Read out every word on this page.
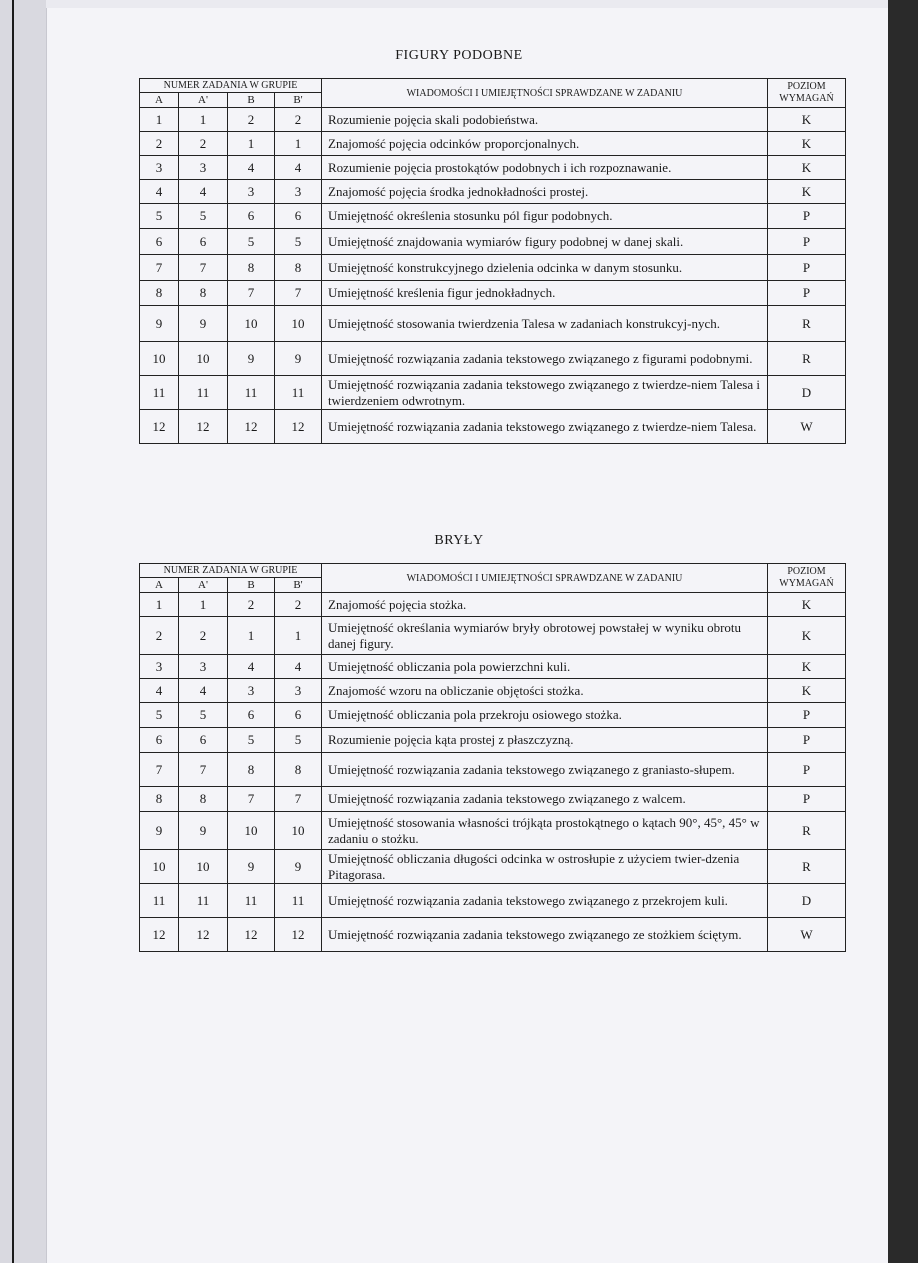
FIGURY PODOBNE
NUMER ZADANIA W GRUPIE				WIADOMOŚCI I UMIEJĘTNOŚCI SPRAWDZANE W ZADANIU	POZIOM
WYMAGAŃ
A	A'	B	B'		
1	1	2	2	Rozumienie pojęcia skali podobieństwa.	K
2	2	1	1	Znajomość pojęcia odcinków proporcjonalnych.	K
3	3	4	4	Rozumienie pojęcia prostokątów podobnych i ich rozpoznawanie.	K
4	4	3	3	Znajomość pojęcia środka jednokładności prostej.	K
5	5	6	6	Umiejętność określenia stosunku pól figur podobnych.	P
6	6	5	5	Umiejętność znajdowania wymiarów figury podobnej w danej skali.	P
7	7	8	8	Umiejętność konstrukcyjnego dzielenia odcinka w danym stosunku.	P
8	8	7	7	Umiejętność kreślenia figur jednokładnych.	P
9	9	10	10	Umiejętność stosowania twierdzenia Talesa w zadaniach konstrukcyj-nych.	R
10	10	9	9	Umiejętność rozwiązania zadania tekstowego związanego z figurami podobnymi.	R
11	11	11	11	Umiejętność rozwiązania zadania tekstowego związanego z twierdze-niem Talesa i twierdzeniem odwrotnym.	D
12	12	12	12	Umiejętność rozwiązania zadania tekstowego związanego z twierdze-niem Talesa.	W
BRYŁY
NUMER ZADANIA W GRUPIE				WIADOMOŚCI I UMIEJĘTNOŚCI SPRAWDZANE W ZADANIU	POZIOM
WYMAGAŃ
A	A'	B	B'		
1	1	2	2	Znajomość pojęcia stożka.	K
2	2	1	1	Umiejętność określania wymiarów bryły obrotowej powstałej w wyniku obrotu danej figury.	K
3	3	4	4	Umiejętność obliczania pola powierzchni kuli.	K
4	4	3	3	Znajomość wzoru na obliczanie objętości stożka.	K
5	5	6	6	Umiejętność obliczania pola przekroju osiowego stożka.	P
6	6	5	5	Rozumienie pojęcia kąta prostej z płaszczyzną.	P
7	7	8	8	Umiejętność rozwiązania zadania tekstowego związanego z graniasto-słupem.	P
8	8	7	7	Umiejętność rozwiązania zadania tekstowego związanego z walcem.	P
9	9	10	10	Umiejętność stosowania własności trójkąta prostokątnego o kątach 90°, 45°, 45° w zadaniu o stożku.	R
10	10	9	9	Umiejętność obliczania długości odcinka w ostrosłupie z użyciem twier-dzenia Pitagorasa.	R
11	11	11	11	Umiejętność rozwiązania zadania tekstowego związanego z przekrojem kuli.	D
12	12	12	12	Umiejętność rozwiązania zadania tekstowego związanego ze stożkiem ściętym.	W
